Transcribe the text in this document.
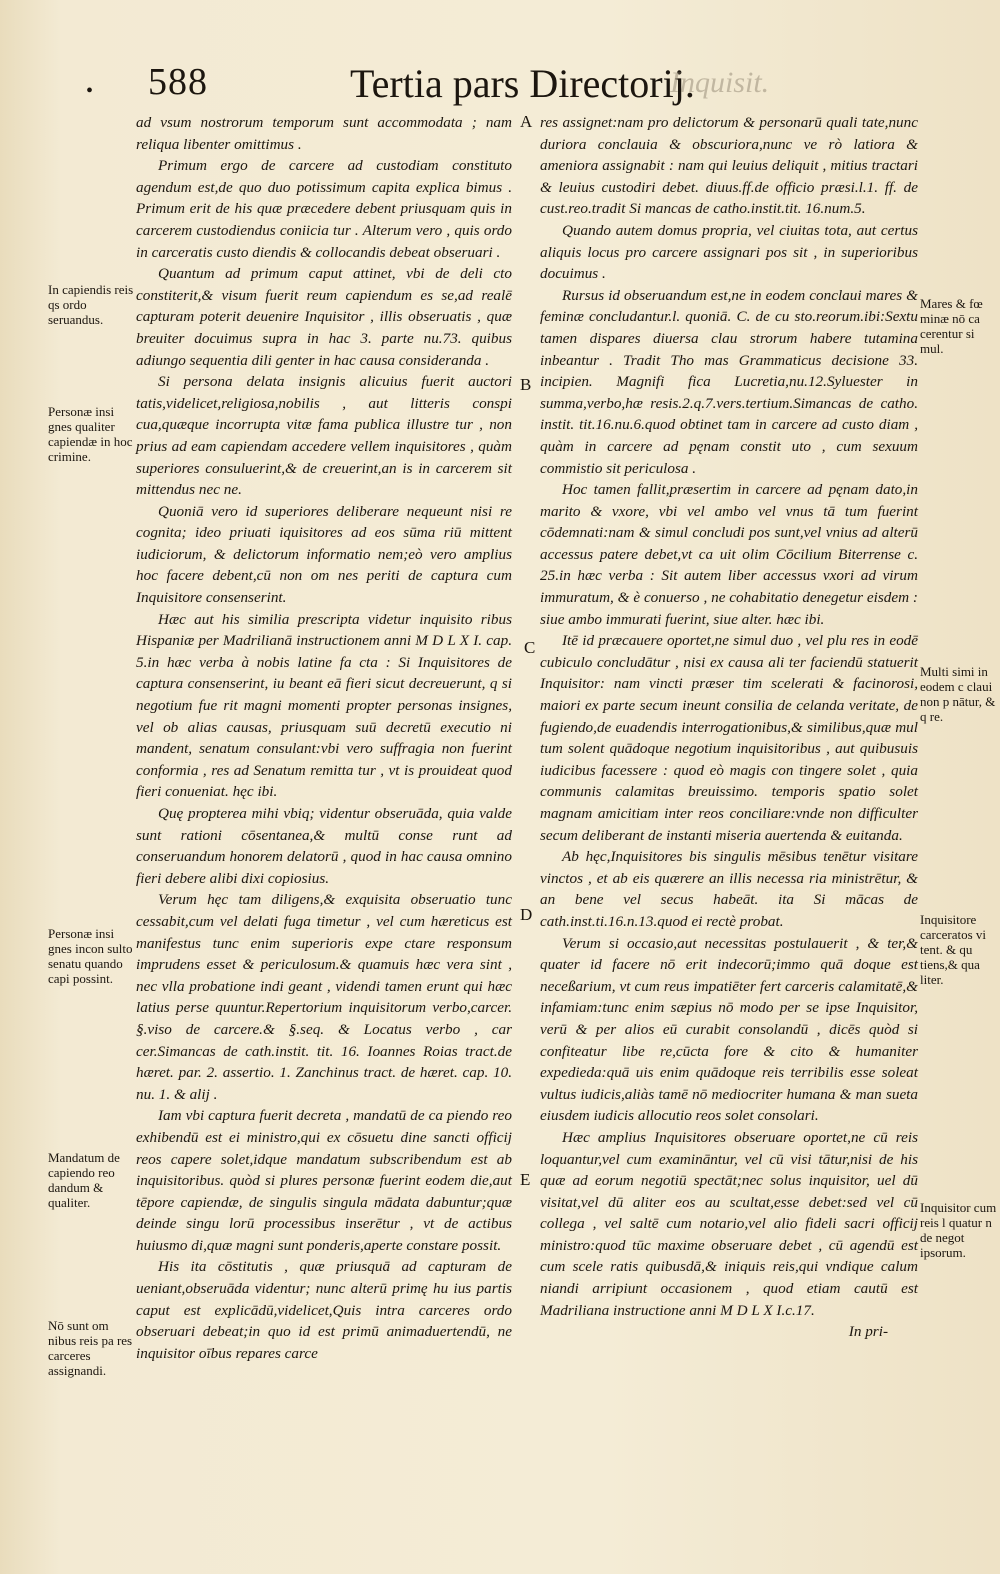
• 588	Tertia pars Directorij.
Inquisit.
A
B
C
D
E

ad vsum nostrorum temporum sunt accommodata ; nam reliqua libenter omittimus .

Primum ergo de carcere ad custodiam constituto agendum est,de quo duo potissimum capita explica bimus . Primum erit de his quæ præcedere debent priusquam quis in carcerem custodiendus coniicia tur . Alterum vero , quis ordo in carceratis custo diendis & collocandis debeat obseruari .

Quantum ad primum caput attinet, vbi de deli cto constiterit,& visum fuerit reum capiendum es se,ad realē capturam poterit deuenire Inquisitor , illis obseruatis , quæ breuiter docuimus supra in hac 3. parte nu.73. quibus adiungo sequentia dili genter in hac causa consideranda .

Si persona delata insignis alicuius fuerit auctori tatis,videlicet,religiosa,nobilis , aut litteris conspi cua,quæque incorrupta vitæ fama publica illustre tur , non prius ad eam capiendam accedere vellem inquisitores , quàm superiores consuluerint,& de creuerint,an is in carcerem sit mittendus nec ne.

Quoniā vero id superiores deliberare nequeunt nisi re cognita; ideo priuati iquisitores ad eos sūma riū mittent iudiciorum, & delictorum informatio nem;eò vero amplius hoc facere debent,cū non om nes periti de captura cum Inquisitore consenserint.

Hæc aut his similia prescripta videtur inquisito ribus Hispaniæ per Madrilianā instructionem anni M D L X I. cap. 5.in hæc verba à nobis latine fa cta : Si Inquisitores de captura consenserint, iu beant eā fieri sicut decreuerunt, q si negotium fue rit magni momenti propter personas insignes, vel ob alias causas, priusquam suū decretū executio ni mandent, senatum consulant:vbi vero suffragia non fuerint conformia , res ad Senatum remitta tur , vt is prouideat quod fieri conueniat. hęc ibi.

Quę propterea mihi vbiq; videntur obseruāda, quia valde sunt rationi cōsentanea,& multū conse runt ad conseruandum honorem delatorū , quod in hac causa omnino fieri debere alibi dixi copiosius.

Verum hęc tam diligens,& exquisita obseruatio tunc cessabit,cum vel delati fuga timetur , vel cum hæreticus est manifestus tunc enim superioris expe ctare responsum imprudens esset & periculosum.& quamuis hæc vera sint , nec vlla probatione indi geant , videndi tamen erunt qui hæc latius perse quuntur.Repertorium inquisitorum verbo,carcer. §.viso de carcere.& §.seq. & Locatus verbo , car cer.Simancas de cath.instit. tit. 16. Ioannes Roias tract.de hæret. par. 2. assertio. 1. Zanchinus tract. de hæret. cap. 10. nu. 1. & alij .

Iam vbi captura fuerit decreta , mandatū de ca piendo reo exhibendū est ei ministro,qui ex cōsuetu dine sancti officij reos capere solet,idque mandatum subscribendum est ab inquisitoribus. quòd si plures personæ fuerint eodem die,aut tēpore capiendæ, de singulis singula mādata dabuntur;quæ deinde singu lorū processibus inserētur , vt de actibus huiusmo di,quæ magni sunt ponderis,aperte constare possit.

His ita cōstitutis , quæ priusquā ad capturam de ueniant,obseruāda videntur; nunc alterū primę hu ius partis caput est explicādū,videlicet,Quis intra carceres ordo obseruari debeat;in quo id est primū animaduertendū, ne inquisitor oībus repares carce

res assignet:nam pro delictorum & personarū quali tate,nunc duriora conclauia & obscuriora,nunc ve rò latiora & ameniora assignabit : nam qui leuius deliquit , mitius tractari & leuius custodiri debet. diuus.ff.de officio præsi.l.1. ff. de cust.reo.tradit Si mancas de catho.instit.tit. 16.num.5.

Quando autem domus propria, vel ciuitas tota, aut certus aliquis locus pro carcere assignari pos sit , in superioribus docuimus .

Rursus id obseruandum est,ne in eodem conclaui mares & feminæ concludantur.l. quoniā. C. de cu sto.reorum.ibi:Sextu tamen dispares diuersa clau strorum habere tutamina inbeantur . Tradit Tho mas Grammaticus decisione 33. incipien. Magnifi fica Lucretia,nu.12.Syluester in summa,verbo,hæ resis.2.q.7.vers.tertium.Simancas de catho. instit. tit.16.nu.6.quod obtinet tam in carcere ad custo diam , quàm in carcere ad pęnam constit uto , cum sexuum commistio sit periculosa .

Hoc tamen fallit,præsertim in carcere ad pęnam dato,in marito & vxore, vbi vel ambo vel vnus tā tum fuerint cōdemnati:nam & simul concludi pos sunt,vel vnius ad alterū accessus patere debet,vt ca uit olim Cōcilium Biterrense c. 25.in hæc verba : Sit autem liber accessus vxori ad virum immuratum, & è conuerso , ne cohabitatio denegetur eisdem : siue ambo immurati fuerint, siue alter. hæc ibi.

Itē id præcauere oportet,ne simul duo , vel plu res in eodē cubiculo concludātur , nisi ex causa ali ter faciendū statuerit Inquisitor: nam vincti præser tim scelerati & facinorosi, maiori ex parte secum ineunt consilia de celanda veritate, de fugiendo,de euadendis interrogationibus,& similibus,quæ mul tum solent quādoque negotium inquisitoribus , aut quibusuis iudicibus facessere : quod eò magis con tingere solet , quia communis calamitas breuissimo. temporis spatio solet magnam amicitiam inter reos conciliare:vnde non difficulter secum deliberant de instanti miseria auertenda & euitanda.

Ab hęc,Inquisitores bis singulis mēsibus tenētur visitare vinctos , et ab eis quærere an illis necessa ria ministrētur, & an bene vel secus habeāt. ita Si mācas de cath.inst.ti.16.n.13.quod ei rectè probat.

Verum si occasio,aut necessitas postulauerit , & ter,& quater id facere nō erit indecorū;immo quā doque est neceßarium, vt cum reus impatiēter fert carceris calamitatē,& infamiam:tunc enim sæpius nō modo per se ipse Inquisitor, verū & per alios eū curabit consolandū , dicēs quòd si confiteatur libe re,cūcta fore & cito & humaniter expedieda:quā uis enim quādoque reis terribilis esse soleat vultus iudicis,aliàs tamē nō mediocriter humana & man sueta eiusdem iudicis allocutio reos solet consolari.

Hæc amplius Inquisitores obseruare oportet,ne cū reis loquantur,vel cum examināntur, vel cū visi tātur,nisi de his quæ ad eorum negotiū spectāt;nec solus inquisitor, uel dū visitat,vel dū aliter eos au scultat,esse debet:sed vel cū collega , vel saltē cum notario,vel alio fideli sacri officij ministro:quod tūc maxime obseruare debet , cū agendū est cum scele ratis quibusdā,& iniquis reis,qui vndique calum niandi arripiunt occasionem , quod etiam cautū est Madriliana instructione anni M D L X I.c.17.

In pri-

In capiendis reis qs ordo seruandus.
Personæ insi gnes qualiter capiendæ in hoc crimine.
Personæ insi gnes incon sulto senatu quando capi possint.
Mandatum de capiendo reo dandum & qualiter.
Nō sunt om nibus reis pa res carceres assignandi.
Mares & fœ minæ nō ca cerentur si mul.
Multi simi in eodem c claui non p nātur, & q re.
Inquisitore carceratos vi tent. & qu tiens,& qua liter.
Inquisitor cum reis l quatur n de negot ipsorum.
